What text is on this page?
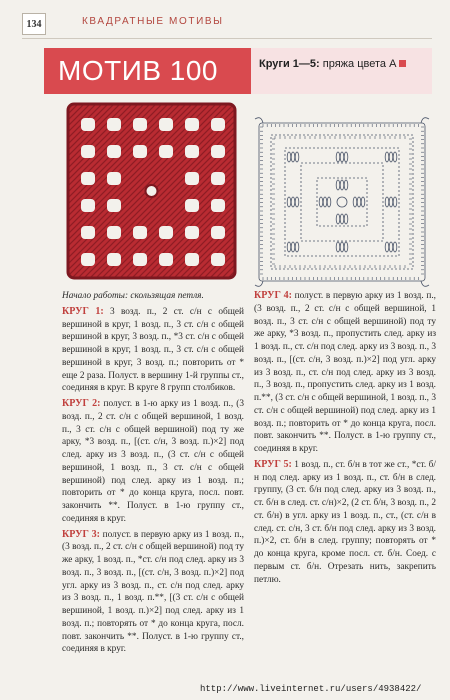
134	КВАДРАТНЫЕ МОТИВЫ
МОТИВ 100	Круги 1—5: пряжа цвета А

Начало работы: скользящая петля.

КРУГ 1: 3 возд. п., 2 ст. с/н с общей вершиной в круг, 1 возд. п., 3 ст. с/н с общей вершиной в круг, 3 возд. п., *3 ст. с/н с общей вершиной в круг, 1 возд. п., 3 ст. с/н с общей вершиной в круг, 3 возд. п.; повторить от * еще 2 раза. Полуст. в вершину 1-й группы ст., соединяя в круг. В круге 8 групп столбиков.

КРУГ 2: полуст. в 1-ю арку из 1 возд. п., (3 возд. п., 2 ст. с/н с общей вершиной, 1 возд. п., 3 ст. с/н с общей вершиной) под ту же арку, *3 возд. п., [(ст. с/н, 3 возд. п.)×2] под след. арку из 3 возд. п., (3 ст. с/н с общей вершиной, 1 возд. п., 3 ст. с/н с общей вершиной) под след. арку из 1 возд. п.; повторить от * до конца круга, посл. повт. закончить **. Полуст. в 1-ю группу ст., соединяя в круг.

КРУГ 3: полуст. в первую арку из 1 возд. п., (3 возд. п., 2 ст. с/н с общей вершиной) под ту же арку, 1 возд. п., *ст. с/н под след. арку из 3 возд. п., 3 возд. п., [(ст. с/н, 3 возд. п.)×2] под угл. арку из 3 возд. п., ст. с/н под след. арку из 3 возд. п., 1 возд. п.**, [(3 ст. с/н с общей вершиной, 1 возд. п.)×2] под след. арку из 1 возд. п.; повторять от * до конца круга, посл. повт. закончить **. Полуст. в 1-ю группу ст., соединяя в круг.

КРУГ 4: полуст. в первую арку из 1 возд. п., (3 возд. п., 2 ст. с/н с общей вершиной, 1 возд. п., 3 ст. с/н с общей вершиной) под ту же арку, *3 возд. п., пропустить след. арку из 1 возд. п., ст. с/н под след. арку из 3 возд. п., 3 возд. п., [(ст. с/н, 3 возд. п.)×2] под угл. арку из 3 возд. п., ст. с/н под след. арку из 3 возд. п., 3 возд. п., пропустить след. арку из 1 возд. п.**, (3 ст. с/н с общей вершиной, 1 возд. п., 3 ст. с/н с общей вершиной) под след. арку из 1 возд. п.; повторить от * до конца круга, посл. повт. закончить **. Полуст. в 1-ю группу ст., соединяя в круг.

КРУГ 5: 1 возд. п., ст. б/н в тот же ст., *ст. б/н под след. арку из 1 возд. п., ст. б/н в след. группу, (3 ст. б/н под след. арку из 3 возд. п., ст. б/н в след. ст. с/н)×2, (2 ст. б/н, 3 возд. п., 2 ст. б/н) в угл. арку из 1 возд. п., ст., (ст. с/н в след. ст. с/н, 3 ст. б/н под след. арку из 3 возд. п.)×2, ст. б/н в след. группу; повторять от * до конца круга, кроме посл. ст. б/н. Соед. с первым ст. б/н. Отрезать нить, закрепить петлю.

http://www.liveinternet.ru/users/4938422/
